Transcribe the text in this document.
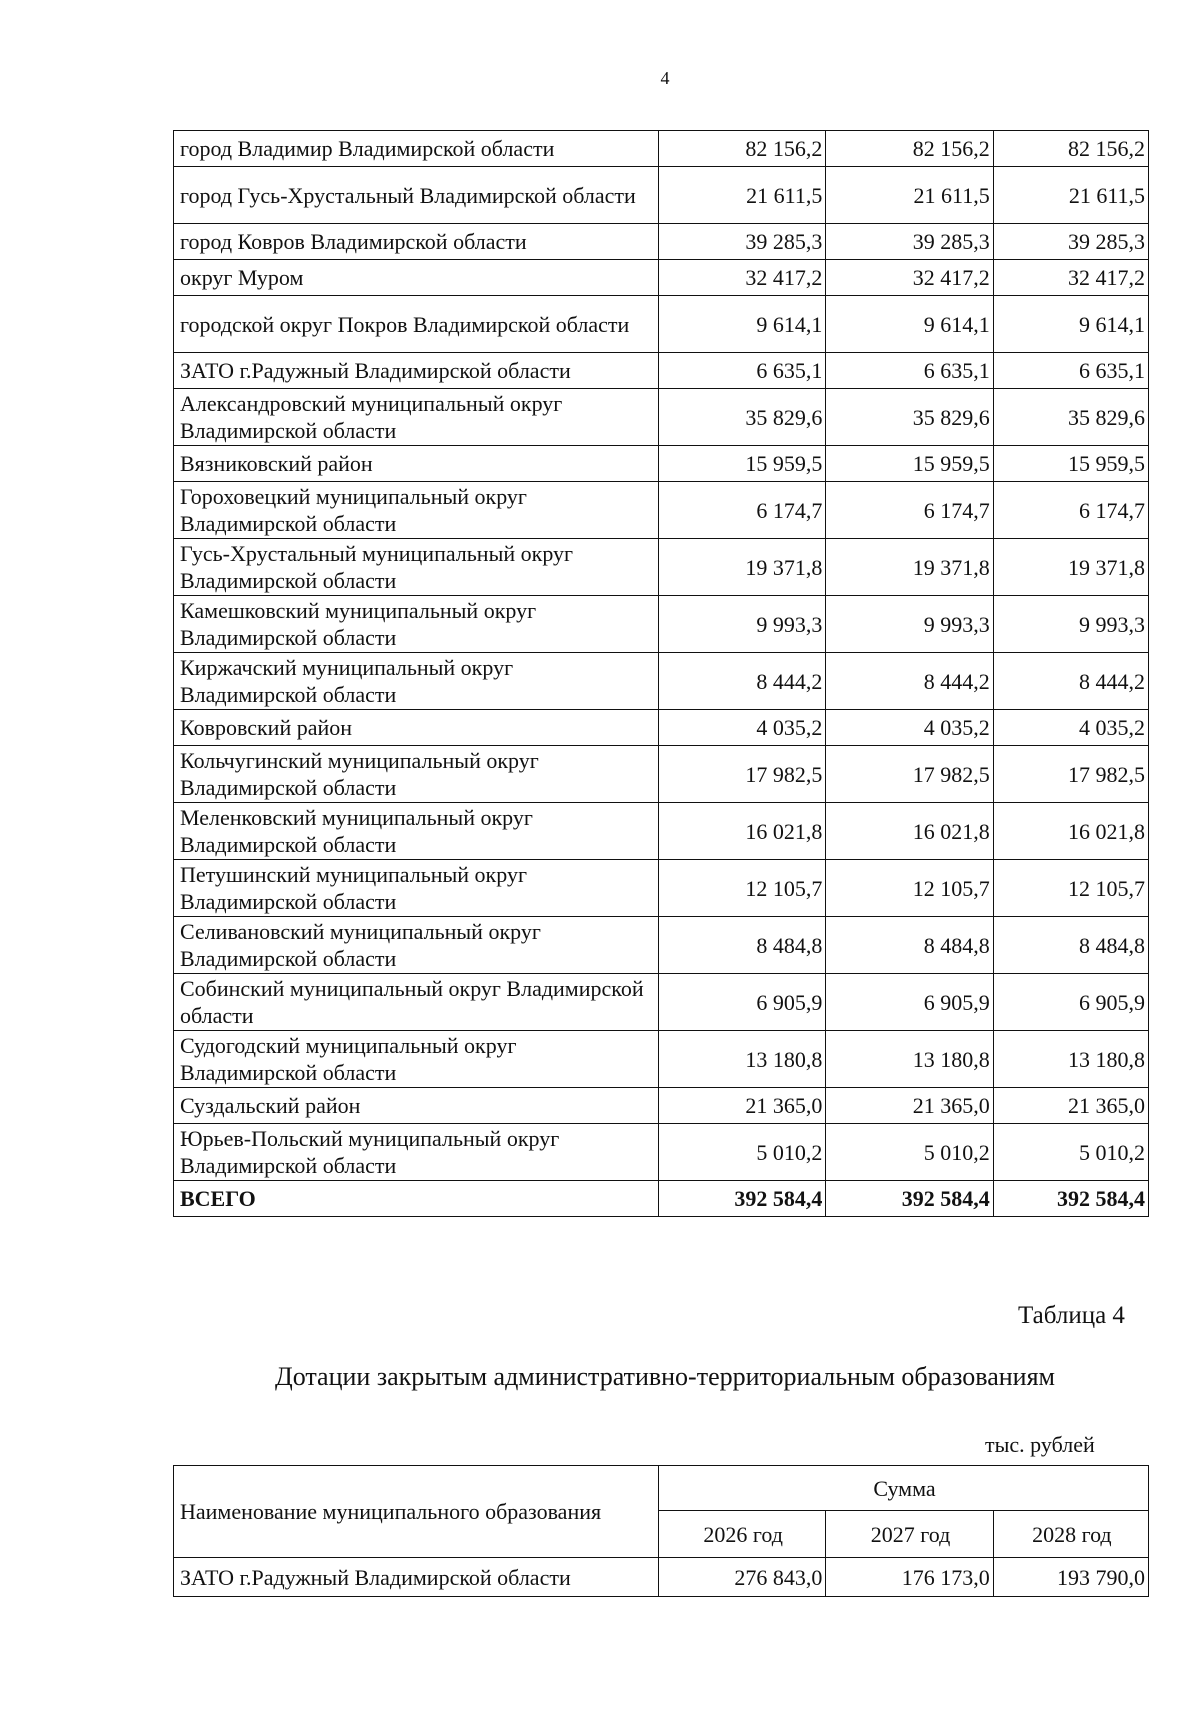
4
город Владимир Владимирской области	82 156,2	82 156,2	82 156,2
город Гусь-Хрустальный Владимирской области	21 611,5	21 611,5	21 611,5
город Ковров Владимирской области	39 285,3	39 285,3	39 285,3
округ Муром	32 417,2	32 417,2	32 417,2
городской округ Покров Владимирской области	9 614,1	9 614,1	9 614,1
ЗАТО г.Радужный Владимирской области	6 635,1	6 635,1	6 635,1
Александровский муниципальный округ Владимирской области	35 829,6	35 829,6	35 829,6
Вязниковский район	15 959,5	15 959,5	15 959,5
Гороховецкий муниципальный округ Владимирской области	6 174,7	6 174,7	6 174,7
Гусь-Хрустальный муниципальный округ Владимирской области	19 371,8	19 371,8	19 371,8
Камешковский муниципальный округ Владимирской области	9 993,3	9 993,3	9 993,3
Киржачский муниципальный округ Владимирской области	8 444,2	8 444,2	8 444,2
Ковровский район	4 035,2	4 035,2	4 035,2
Кольчугинский муниципальный округ Владимирской области	17 982,5	17 982,5	17 982,5
Меленковский муниципальный округ Владимирской области	16 021,8	16 021,8	16 021,8
Петушинский муниципальный округ Владимирской области	12 105,7	12 105,7	12 105,7
Селивановский муниципальный округ Владимирской области	8 484,8	8 484,8	8 484,8
Собинский муниципальный округ Владимирской области	6 905,9	6 905,9	6 905,9
Судогодский муниципальный округ Владимирской области	13 180,8	13 180,8	13 180,8
Суздальский район	21 365,0	21 365,0	21 365,0
Юрьев-Польский муниципальный округ Владимирской области	5 010,2	5 010,2	5 010,2
ВСЕГО	392 584,4	392 584,4	392 584,4
Таблица 4
Дотации закрытым административно-территориальным образованиям
тыс. рублей
Наименование муниципального образования	Сумма		
	2026 год	2027 год	2028 год
ЗАТО г.Радужный Владимирской области	276 843,0	176 173,0	193 790,0
